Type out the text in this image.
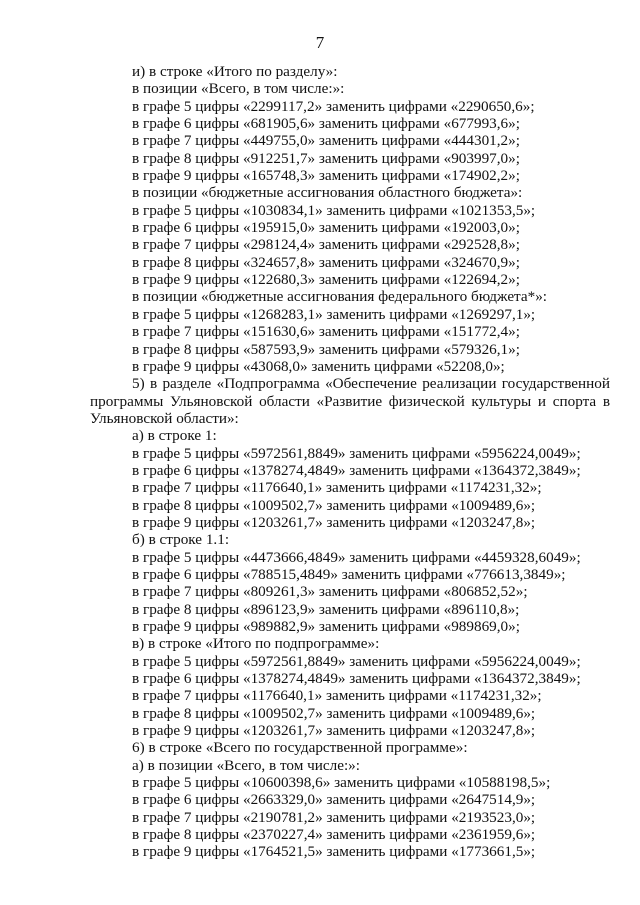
7

и) в строке «Итого по разделу»:

в позиции «Всего, в том числе:»:

в графе 5 цифры «2299117,2» заменить цифрами «2290650,6»;

в графе 6 цифры «681905,6» заменить цифрами «677993,6»;

в графе 7 цифры «449755,0» заменить цифрами «444301,2»;

в графе 8 цифры «912251,7» заменить цифрами «903997,0»;

в графе 9 цифры «165748,3» заменить цифрами «174902,2»;

в позиции «бюджетные ассигнования областного бюджета»:

в графе 5 цифры «1030834,1» заменить цифрами «1021353,5»;

в графе 6 цифры «195915,0» заменить цифрами «192003,0»;

в графе 7 цифры «298124,4» заменить цифрами «292528,8»;

в графе 8 цифры «324657,8» заменить цифрами «324670,9»;

в графе 9 цифры «122680,3» заменить цифрами «122694,2»;

в позиции «бюджетные ассигнования федерального бюджета*»:

в графе 5 цифры «1268283,1» заменить цифрами «1269297,1»;

в графе 7 цифры «151630,6» заменить цифрами «151772,4»;

в графе 8 цифры «587593,9» заменить цифрами «579326,1»;

в графе 9 цифры «43068,0» заменить цифрами «52208,0»;

5) в разделе «Подпрограмма «Обеспечение реализации государственной программы Ульяновской области «Развитие физической культуры и спорта в Ульяновской области»:

а) в строке 1:

в графе 5 цифры «5972561,8849» заменить цифрами «5956224,0049»;

в графе 6 цифры «1378274,4849» заменить цифрами «1364372,3849»;

в графе 7 цифры «1176640,1» заменить цифрами «1174231,32»;

в графе 8 цифры «1009502,7» заменить цифрами «1009489,6»;

в графе 9 цифры «1203261,7» заменить цифрами «1203247,8»;

б) в строке 1.1:

в графе 5 цифры «4473666,4849» заменить цифрами «4459328,6049»;

в графе 6 цифры «788515,4849» заменить цифрами «776613,3849»;

в графе 7 цифры «809261,3» заменить цифрами «806852,52»;

в графе 8 цифры «896123,9» заменить цифрами «896110,8»;

в графе 9 цифры «989882,9» заменить цифрами «989869,0»;

в) в строке «Итого по подпрограмме»:

в графе 5 цифры «5972561,8849» заменить цифрами «5956224,0049»;

в графе 6 цифры «1378274,4849» заменить цифрами «1364372,3849»;

в графе 7 цифры «1176640,1» заменить цифрами «1174231,32»;

в графе 8 цифры «1009502,7» заменить цифрами «1009489,6»;

в графе 9 цифры «1203261,7» заменить цифрами «1203247,8»;

6) в строке «Всего по государственной программе»:

а) в позиции «Всего, в том числе:»:

в графе 5 цифры «10600398,6» заменить цифрами «10588198,5»;

в графе 6 цифры «2663329,0» заменить цифрами «2647514,9»;

в графе 7 цифры «2190781,2» заменить цифрами «2193523,0»;

в графе 8 цифры «2370227,4» заменить цифрами «2361959,6»;

в графе 9 цифры «1764521,5» заменить цифрами «1773661,5»;
